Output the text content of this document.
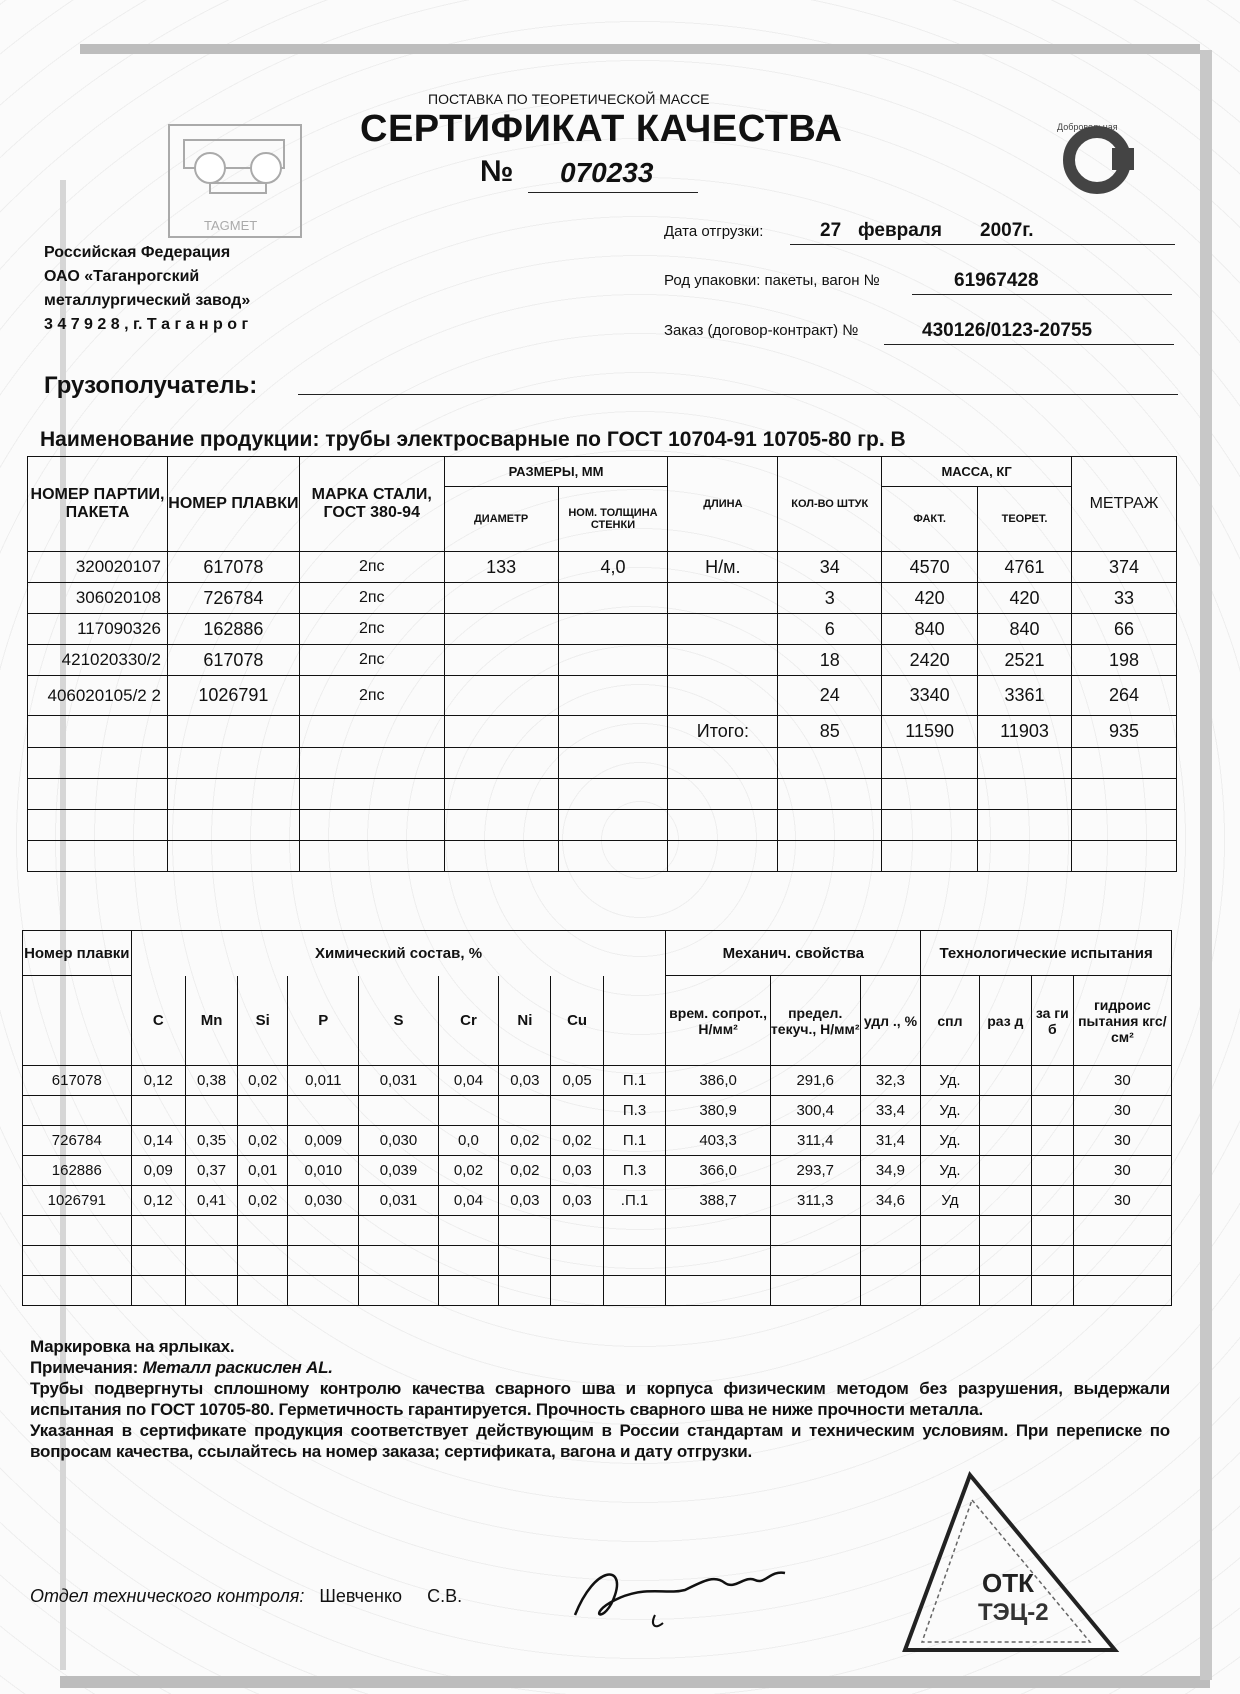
TAGMET
Добровольная
ПОСТАВКА ПО ТЕОРЕТИЧЕСКОЙ МАССЕ
СЕРТИФИКАТ КАЧЕСТВА
№ 070233
Российская Федерация
ОАО «Таганрогский
металлургический завод»
3 4 7 9 2 8 , г. Т а г а н р о г
Дата отгрузки:	27 февраля 2007г.
Род упаковки: пакеты, вагон №	61967428
Заказ (договор-контракт) №	430126/0123-20755
Грузополучатель:
Наименование продукции: трубы электросварные по ГОСТ 10704-91 10705-80 гр. В
НОМЕР ПАРТИИ, ПАКЕТА	НОМЕР ПЛАВКИ	МАРКА СТАЛИ, ГОСТ 380-94	РАЗМЕРЫ, ММ		ДЛИНА	КОЛ-ВО ШТУК	МАССА, КГ		МЕТРАЖ
			ДИАМЕТР	НОМ. ТОЛЩИНА СТЕНКИ			ФАКТ.	ТЕОРЕТ.	
320020107	617078	2пс	133	4,0	Н/м.	34	4570	4761	374
306020108	726784	2пс				3	420	420	33
117090326	162886	2пс				6	840	840	66
421020330/2	617078	2пс				18	2420	2521	198
406020105/2 2	1026791	2пс				24	3340	3361	264
					Итого:	85	11590	11903	935

Номер плавки	Химический состав, %									Механич. свойства			Технологические испытания			
	C	Mn	Si	P	S	Cr	Ni	Cu		врем. сопрот., Н/мм²	предел. текуч., Н/мм²	удл ., %	спл	раз д	за ги б	гидроис пытания кгс/см²
617078	0,12	0,38	0,02	0,011	0,031	0,04	0,03	0,05	П.1	386,0	291,6	32,3	Уд.			30
									П.3	380,9	300,4	33,4	Уд.			30
726784	0,14	0,35	0,02	0,009	0,030	0,0	0,02	0,02	П.1	403,3	311,4	31,4	Уд.			30
162886	0,09	0,37	0,01	0,010	0,039	0,02	0,02	0,03	П.3	366,0	293,7	34,9	Уд.			30
1026791	0,12	0,41	0,02	0,030	0,031	0,04	0,03	0,03	.П.1	388,7	311,3	34,6	Уд			30

Маркировка на ярлыках.

Примечания: Металл раскислен AL.

Трубы подвергнуты сплошному контролю качества сварного шва и корпуса физическим методом без разрушения, выдержали испытания по ГОСТ 10705-80. Герметичность гарантируется. Прочность сварного шва не ниже прочности металла.

Указанная в сертификате продукция соответствует действующим в России стандартам и техническим условиям. При переписке по вопросам качества, ссылайтесь на номер заказа; сертификата, вагона и дату отгрузки.

Отдел технического контроля: Шевченко С.В.	ОТК
ТЭЦ-2
